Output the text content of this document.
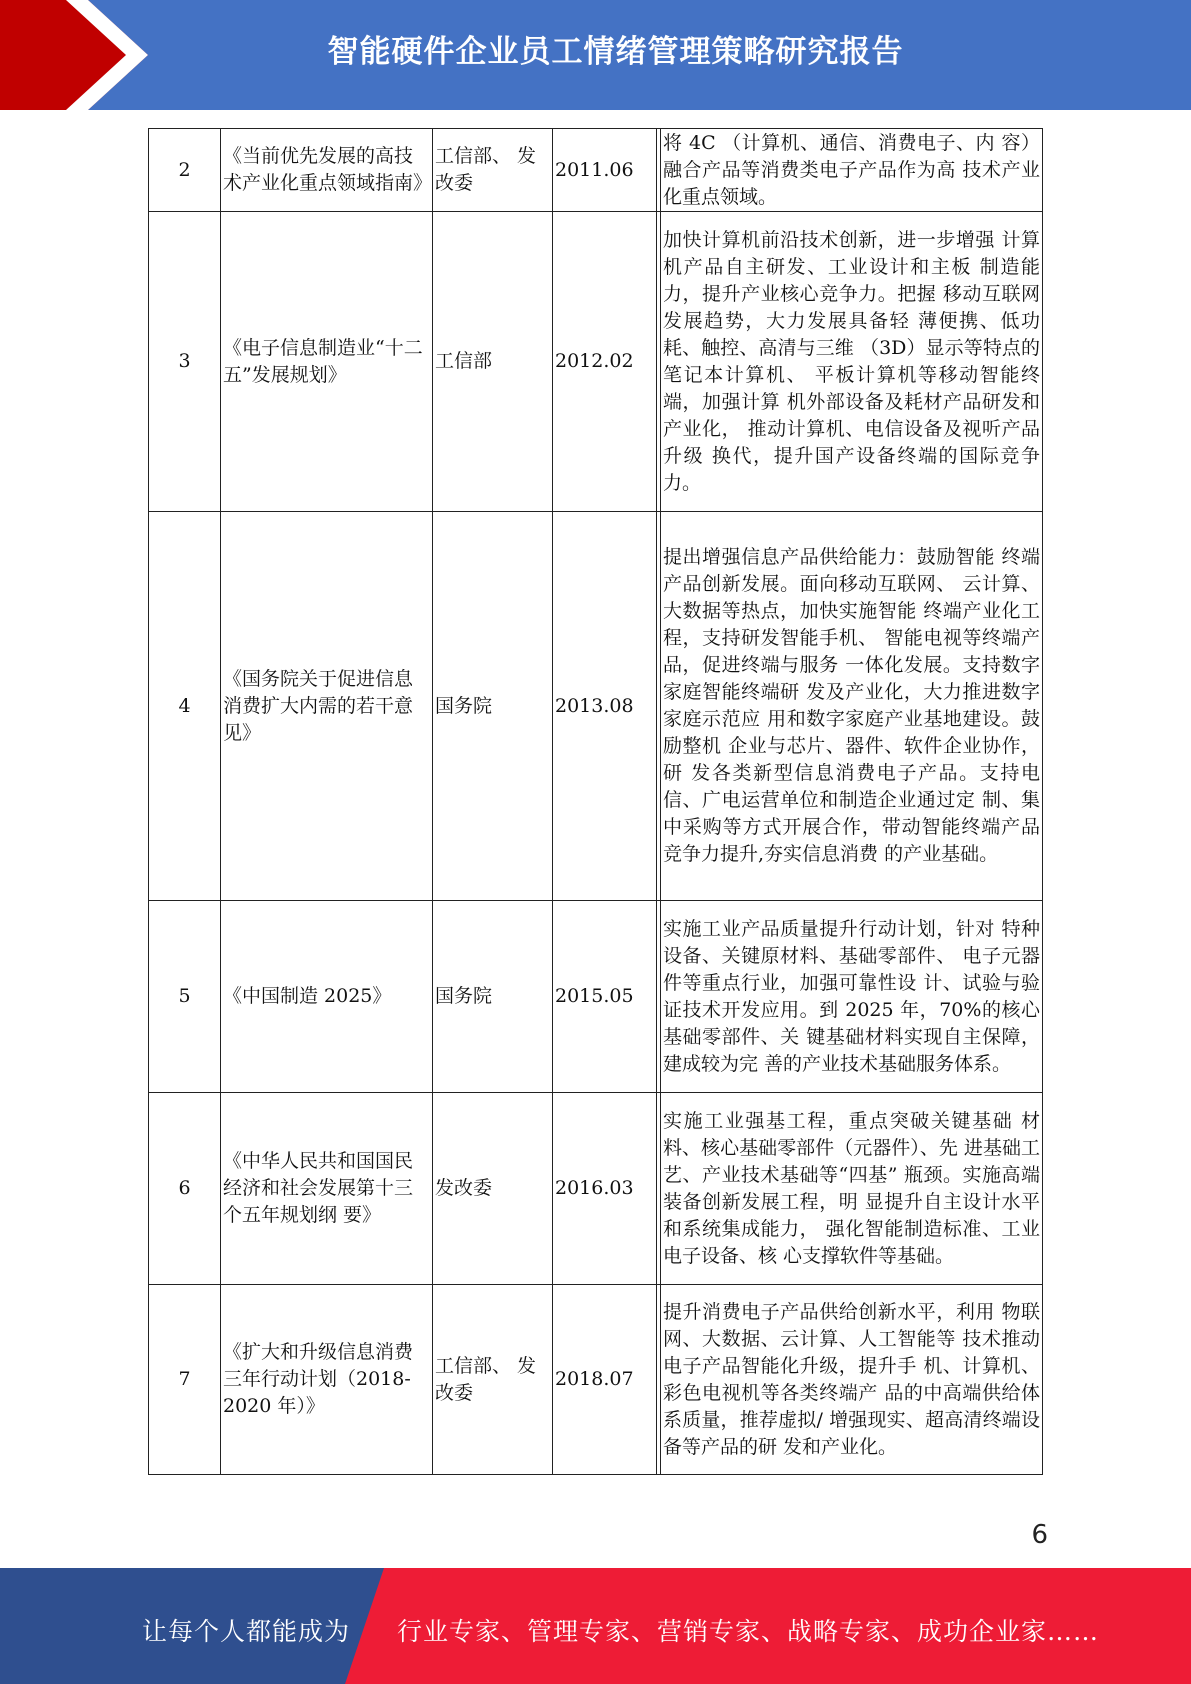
智能硬件企业员工情绪管理策略研究报告
2	《当前优先发展的高技术产业化重点领域指南》	工信部、 发改委	2011.06		将 4C （计算机、通信、消费电子、内 容）融合产品等消费类电子产品作为高 技术产业化重点领域。
3	《电子信息制造业“十二五”发展规划》	工信部	2012.02		加快计算机前沿技术创新，进一步增强 计算机产品自主研发、工业设计和主板 制造能力，提升产业核心竞争力。把握 移动互联网发展趋势，大力发展具备轻 薄便携、低功耗、触控、高清与三维 （3D）显示等特点的笔记本计算机、 平板计算机等移动智能终端，加强计算 机外部设备及耗材产品研发和产业化， 推动计算机、电信设备及视听产品升级 换代，提升国产设备终端的国际竞争 力。
4	《国务院关于促进信息消费扩大内需的若干意见》	国务院	2013.08		提出增强信息产品供给能力：鼓励智能 终端产品创新发展。面向移动互联网、 云计算、大数据等热点，加快实施智能 终端产业化工程，支持研发智能手机、 智能电视等终端产品，促进终端与服务 一体化发展。支持数字家庭智能终端研 发及产业化，大力推进数字家庭示范应 用和数字家庭产业基地建设。鼓励整机 企业与芯片、器件、软件企业协作，研 发各类新型信息消费电子产品。支持电 信、广电运营单位和制造企业通过定 制、集中采购等方式开展合作，带动智能终端产品竞争力提升,夯实信息消费 的产业基础。
5	《中国制造 2025》	国务院	2015.05		实施工业产品质量提升行动计划，针对 特种设备、关键原材料、基础零部件、 电子元器件等重点行业，加强可靠性设 计、试验与验证技术开发应用。到 2025 年，70%的核心基础零部件、关 键基础材料实现自主保障，建成较为完 善的产业技术基础服务体系。
6	《中华人民共和国国民经济和社会发展第十三个五年规划纲 要》	发改委	2016.03		实施工业强基工程，重点突破关键基础 材料、核心基础零部件（元器件）、先 进基础工艺、产业技术基础等“四基” 瓶颈。实施高端装备创新发展工程，明 显提升自主设计水平和系统集成能力， 强化智能制造标准、工业电子设备、核 心支撑软件等基础。
7	《扩大和升级信息消费三年行动计划（2018-2020 年）》	工信部、 发改委	2018.07		提升消费电子产品供给创新水平，利用 物联网、大数据、云计算、人工智能等 技术推动电子产品智能化升级，提升手 机、计算机、彩色电视机等各类终端产 品的中高端供给体系质量，推荐虚拟/ 增强现实、超高清终端设备等产品的研 发和产业化。
6
让每个人都能成为 行业专家、管理专家、营销专家、战略专家、成功企业家……
